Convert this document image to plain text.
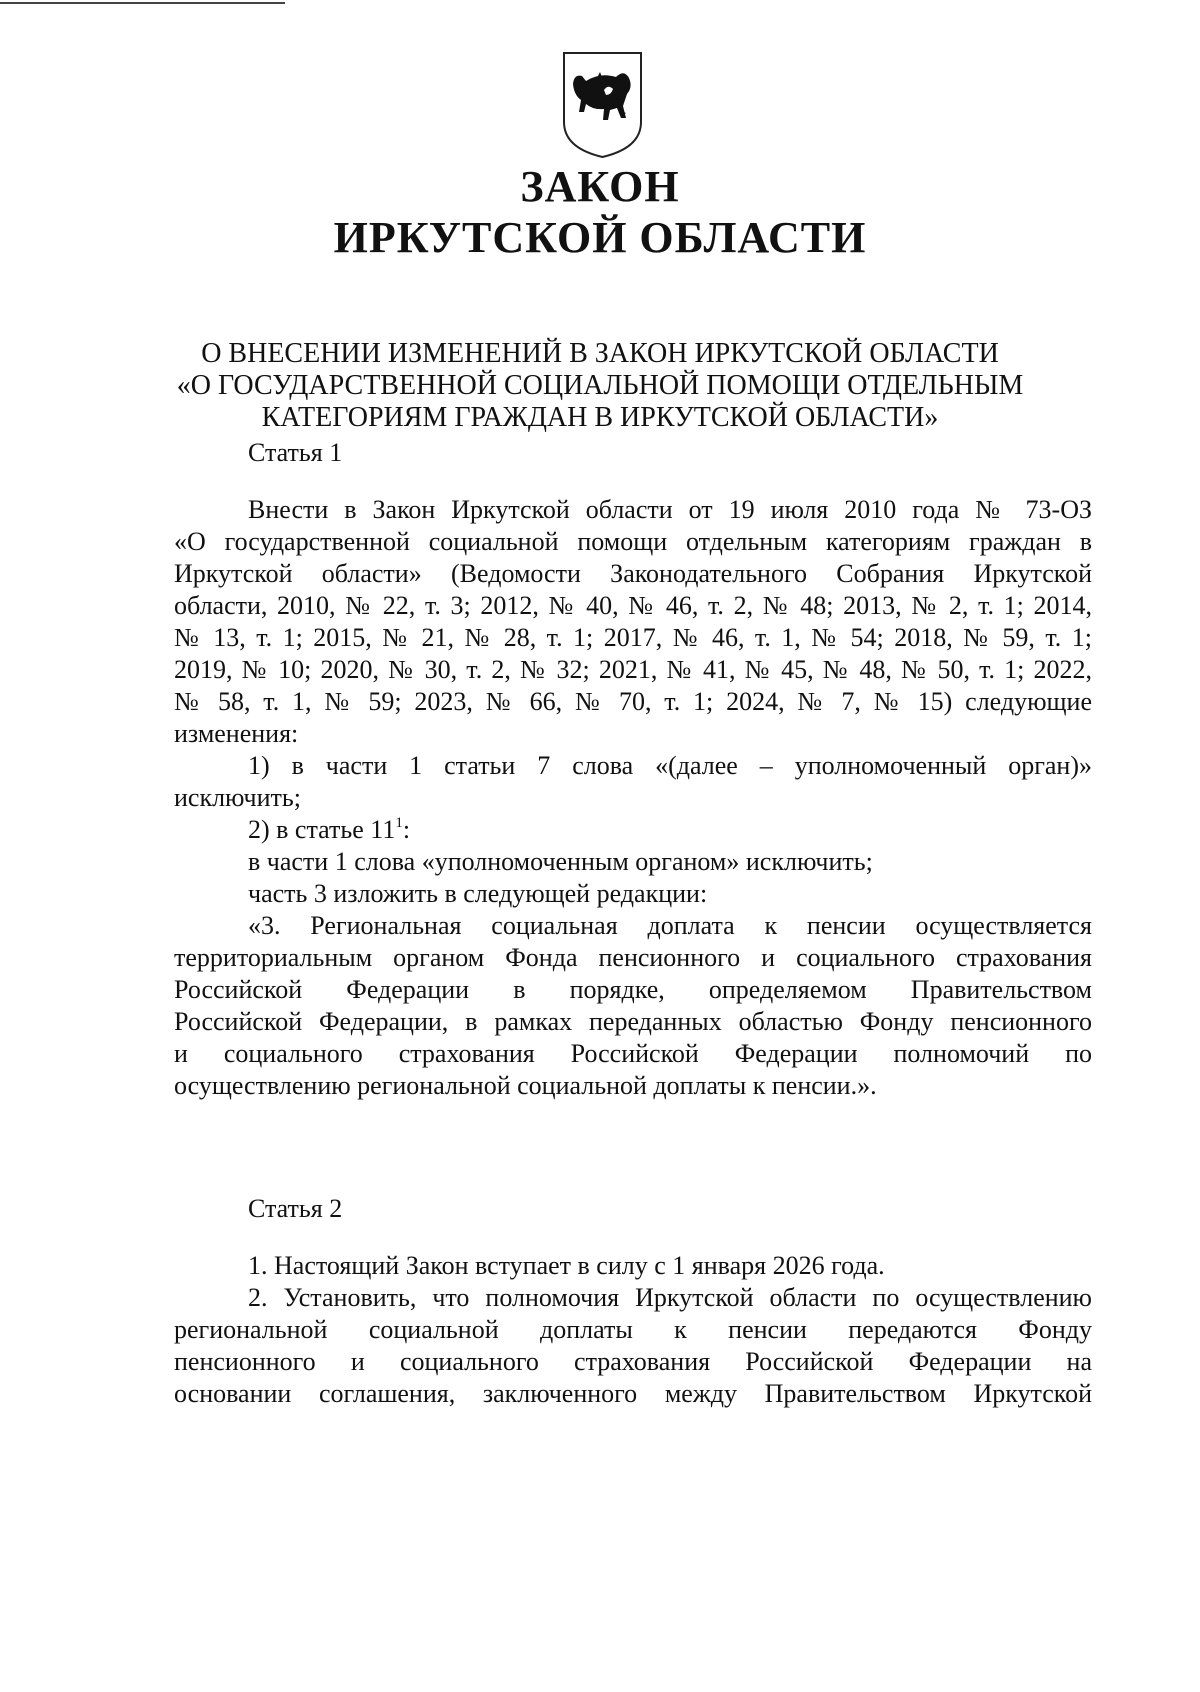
ЗАКОН
ИРКУТСКОЙ ОБЛАСТИ
О ВНЕСЕНИИ ИЗМЕНЕНИЙ В ЗАКОН ИРКУТСКОЙ ОБЛАСТИ
«О ГОСУДАРСТВЕННОЙ СОЦИАЛЬНОЙ ПОМОЩИ ОТДЕЛЬНЫМ
КАТЕГОРИЯМ ГРАЖДАН В ИРКУТСКОЙ ОБЛАСТИ»
Статья 1

Внести в Закон Иркутской области от 19 июля 2010 года № 73-ОЗ

«О государственной социальной помощи отдельным категориям граждан в

Иркутской области» (Ведомости Законодательного Собрания Иркутской

области, 2010, № 22, т. 3; 2012, № 40, № 46, т. 2, № 48; 2013, № 2, т. 1; 2014,

№ 13, т. 1; 2015, № 21, № 28, т. 1; 2017, № 46, т. 1, № 54; 2018, № 59, т. 1;

2019, № 10; 2020, № 30, т. 2, № 32; 2021, № 41, № 45, № 48, № 50, т. 1; 2022,

№ 58, т. 1, № 59; 2023, № 66, № 70, т. 1; 2024, № 7, № 15) следующие

изменения:

1) в части 1 статьи 7 слова «(далее – уполномоченный орган)»

исключить;

2) в статье $11^1$:

в части 1 слова «уполномоченным органом» исключить;

часть 3 изложить в следующей редакции:

«3. Региональная социальная доплата к пенсии осуществляется

территориальным органом Фонда пенсионного и социального страхования

Российской Федерации в порядке, определяемом Правительством

Российской Федерации, в рамках переданных областью Фонду пенсионного

и социального страхования Российской Федерации полномочий по

осуществлению региональной социальной доплаты к пенсии.».

Статья 2

1. Настоящий Закон вступает в силу с 1 января 2026 года.

2. Установить, что полномочия Иркутской области по осуществлению

региональной социальной доплаты к пенсии передаются Фонду

пенсионного и социального страхования Российской Федерации на

основании соглашения, заключенного между Правительством Иркутской
